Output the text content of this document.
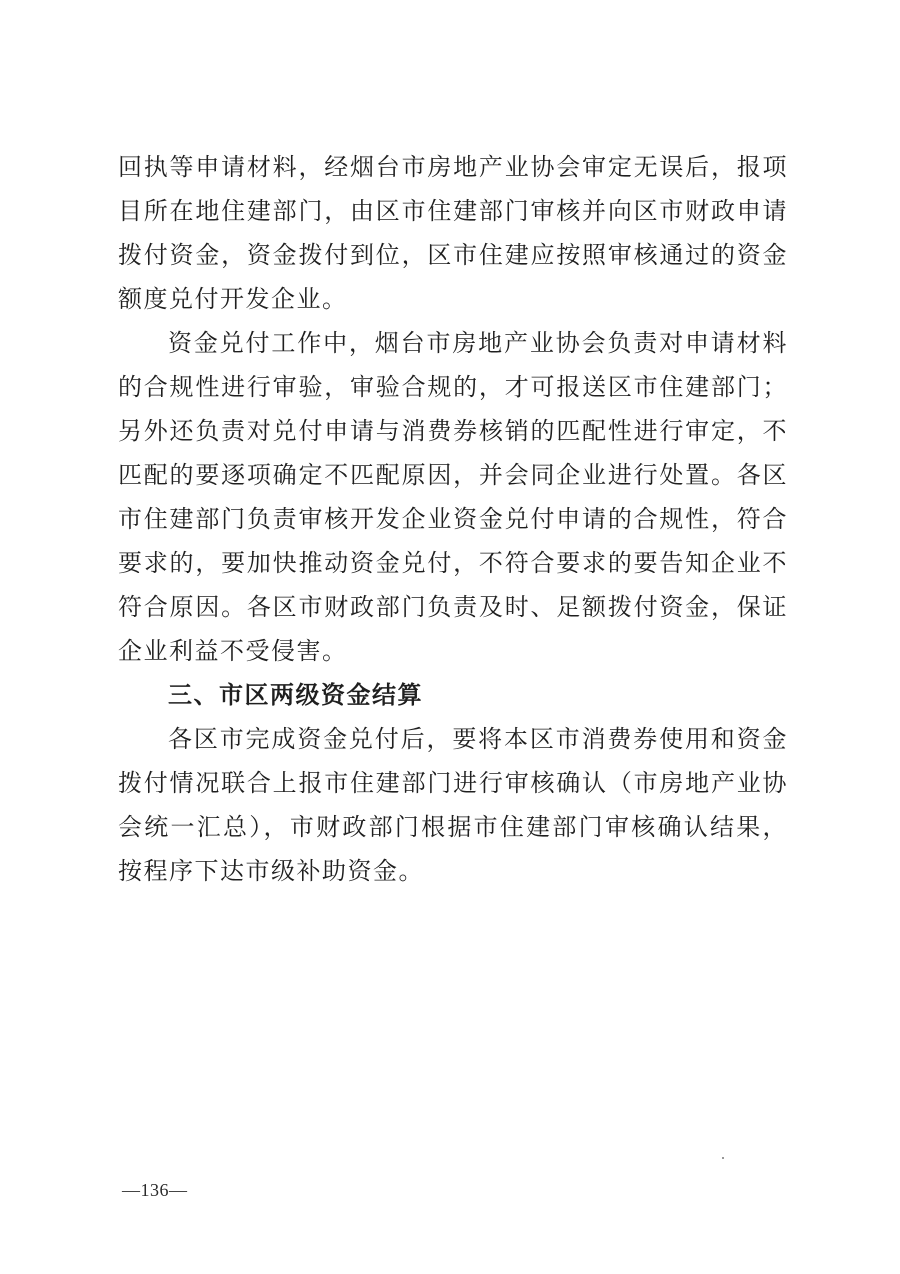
回执等申请材料，经烟台市房地产业协会审定无误后，报项目所在地住建部门，由区市住建部门审核并向区市财政申请拨付资金，资金拨付到位，区市住建应按照审核通过的资金额度兑付开发企业。

资金兑付工作中，烟台市房地产业协会负责对申请材料的合规性进行审验，审验合规的，才可报送区市住建部门；另外还负责对兑付申请与消费券核销的匹配性进行审定，不匹配的要逐项确定不匹配原因，并会同企业进行处置。各区市住建部门负责审核开发企业资金兑付申请的合规性，符合要求的，要加快推动资金兑付，不符合要求的要告知企业不符合原因。各区市财政部门负责及时、足额拨付资金，保证企业利益不受侵害。

三、市区两级资金结算

各区市完成资金兑付后，要将本区市消费券使用和资金拨付情况联合上报市住建部门进行审核确认（市房地产业协会统一汇总），市财政部门根据市住建部门审核确认结果，按程序下达市级补助资金。

—136—
